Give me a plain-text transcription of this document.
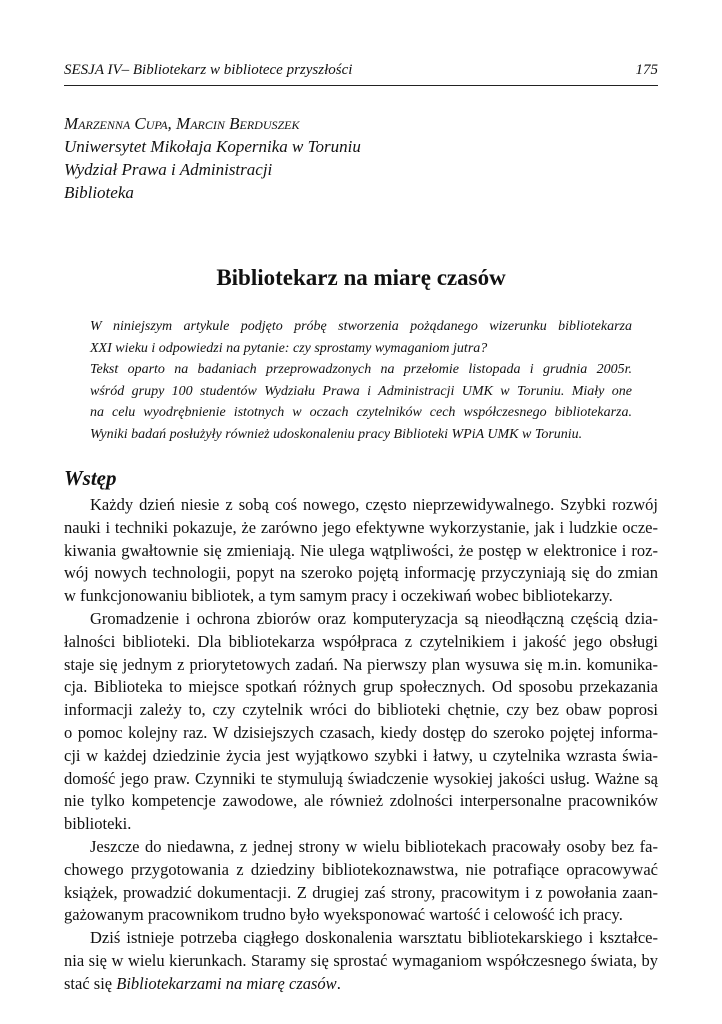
SESJA IV– Bibliotekarz w bibliotece przyszłości	175
Marzenna Cupa, Marcin Berduszek
Uniwersytet Mikołaja Kopernika w Toruniu
Wydział Prawa i Administracji
Biblioteka
Bibliotekarz na miarę czasów
W niniejszym artykule podjęto próbę stworzenia pożądanego wizerunku bibliotekarza
XXI wieku i odpowiedzi na pytanie: czy sprostamy wymaganiom jutra?
Tekst oparto na badaniach przeprowadzonych na przełomie listopada i grudnia 2005r.
wśród grupy 100 studentów Wydziału Prawa i Administracji UMK w Toruniu. Miały one
na celu wyodrębnienie istotnych w oczach czytelników cech współczesnego bibliotekarza.
Wyniki badań posłużyły również udoskonaleniu pracy Biblioteki WPiA UMK w Toruniu.
Wstęp
Każdy dzień niesie z sobą coś nowego, często nieprzewidywalnego. Szybki rozwój
nauki i techniki pokazuje, że zarówno jego efektywne wykorzystanie, jak i ludzkie ocze-
kiwania gwałtownie się zmieniają. Nie ulega wątpliwości, że postęp w elektronice i roz-
wój nowych technologii, popyt na szeroko pojętą informację przyczyniają się do zmian
w funkcjonowaniu bibliotek, a tym samym pracy i oczekiwań wobec bibliotekarzy.
Gromadzenie i ochrona zbiorów oraz komputeryzacja są nieodłączną częścią dzia-
łalności biblioteki. Dla bibliotekarza współpraca z czytelnikiem i jakość jego obsługi
staje się jednym z priorytetowych zadań. Na pierwszy plan wysuwa się m.in. komunika-
cja. Biblioteka to miejsce spotkań różnych grup społecznych. Od sposobu przekazania
informacji zależy to, czy czytelnik wróci do biblioteki chętnie, czy bez obaw poprosi
o pomoc kolejny raz. W dzisiejszych czasach, kiedy dostęp do szeroko pojętej informa-
cji w każdej dziedzinie życia jest wyjątkowo szybki i łatwy, u czytelnika wzrasta świa-
domość jego praw. Czynniki te stymulują świadczenie wysokiej jakości usług. Ważne są
nie tylko kompetencje zawodowe, ale również zdolności interpersonalne pracowników
biblioteki.
Jeszcze do niedawna, z jednej strony w wielu bibliotekach pracowały osoby bez fa-
chowego przygotowania z dziedziny bibliotekoznawstwa, nie potrafiące opracowywać
książek, prowadzić dokumentacji. Z drugiej zaś strony, pracowitym i z powołania zaan-
gażowanym pracownikom trudno było wyeksponować wartość i celowość ich pracy.
Dziś istnieje potrzeba ciągłego doskonalenia warsztatu bibliotekarskiego i kształce-
nia się w wielu kierunkach. Staramy się sprostać wymaganiom współczesnego świata, by
stać się Bibliotekarzami na miarę czasów.
